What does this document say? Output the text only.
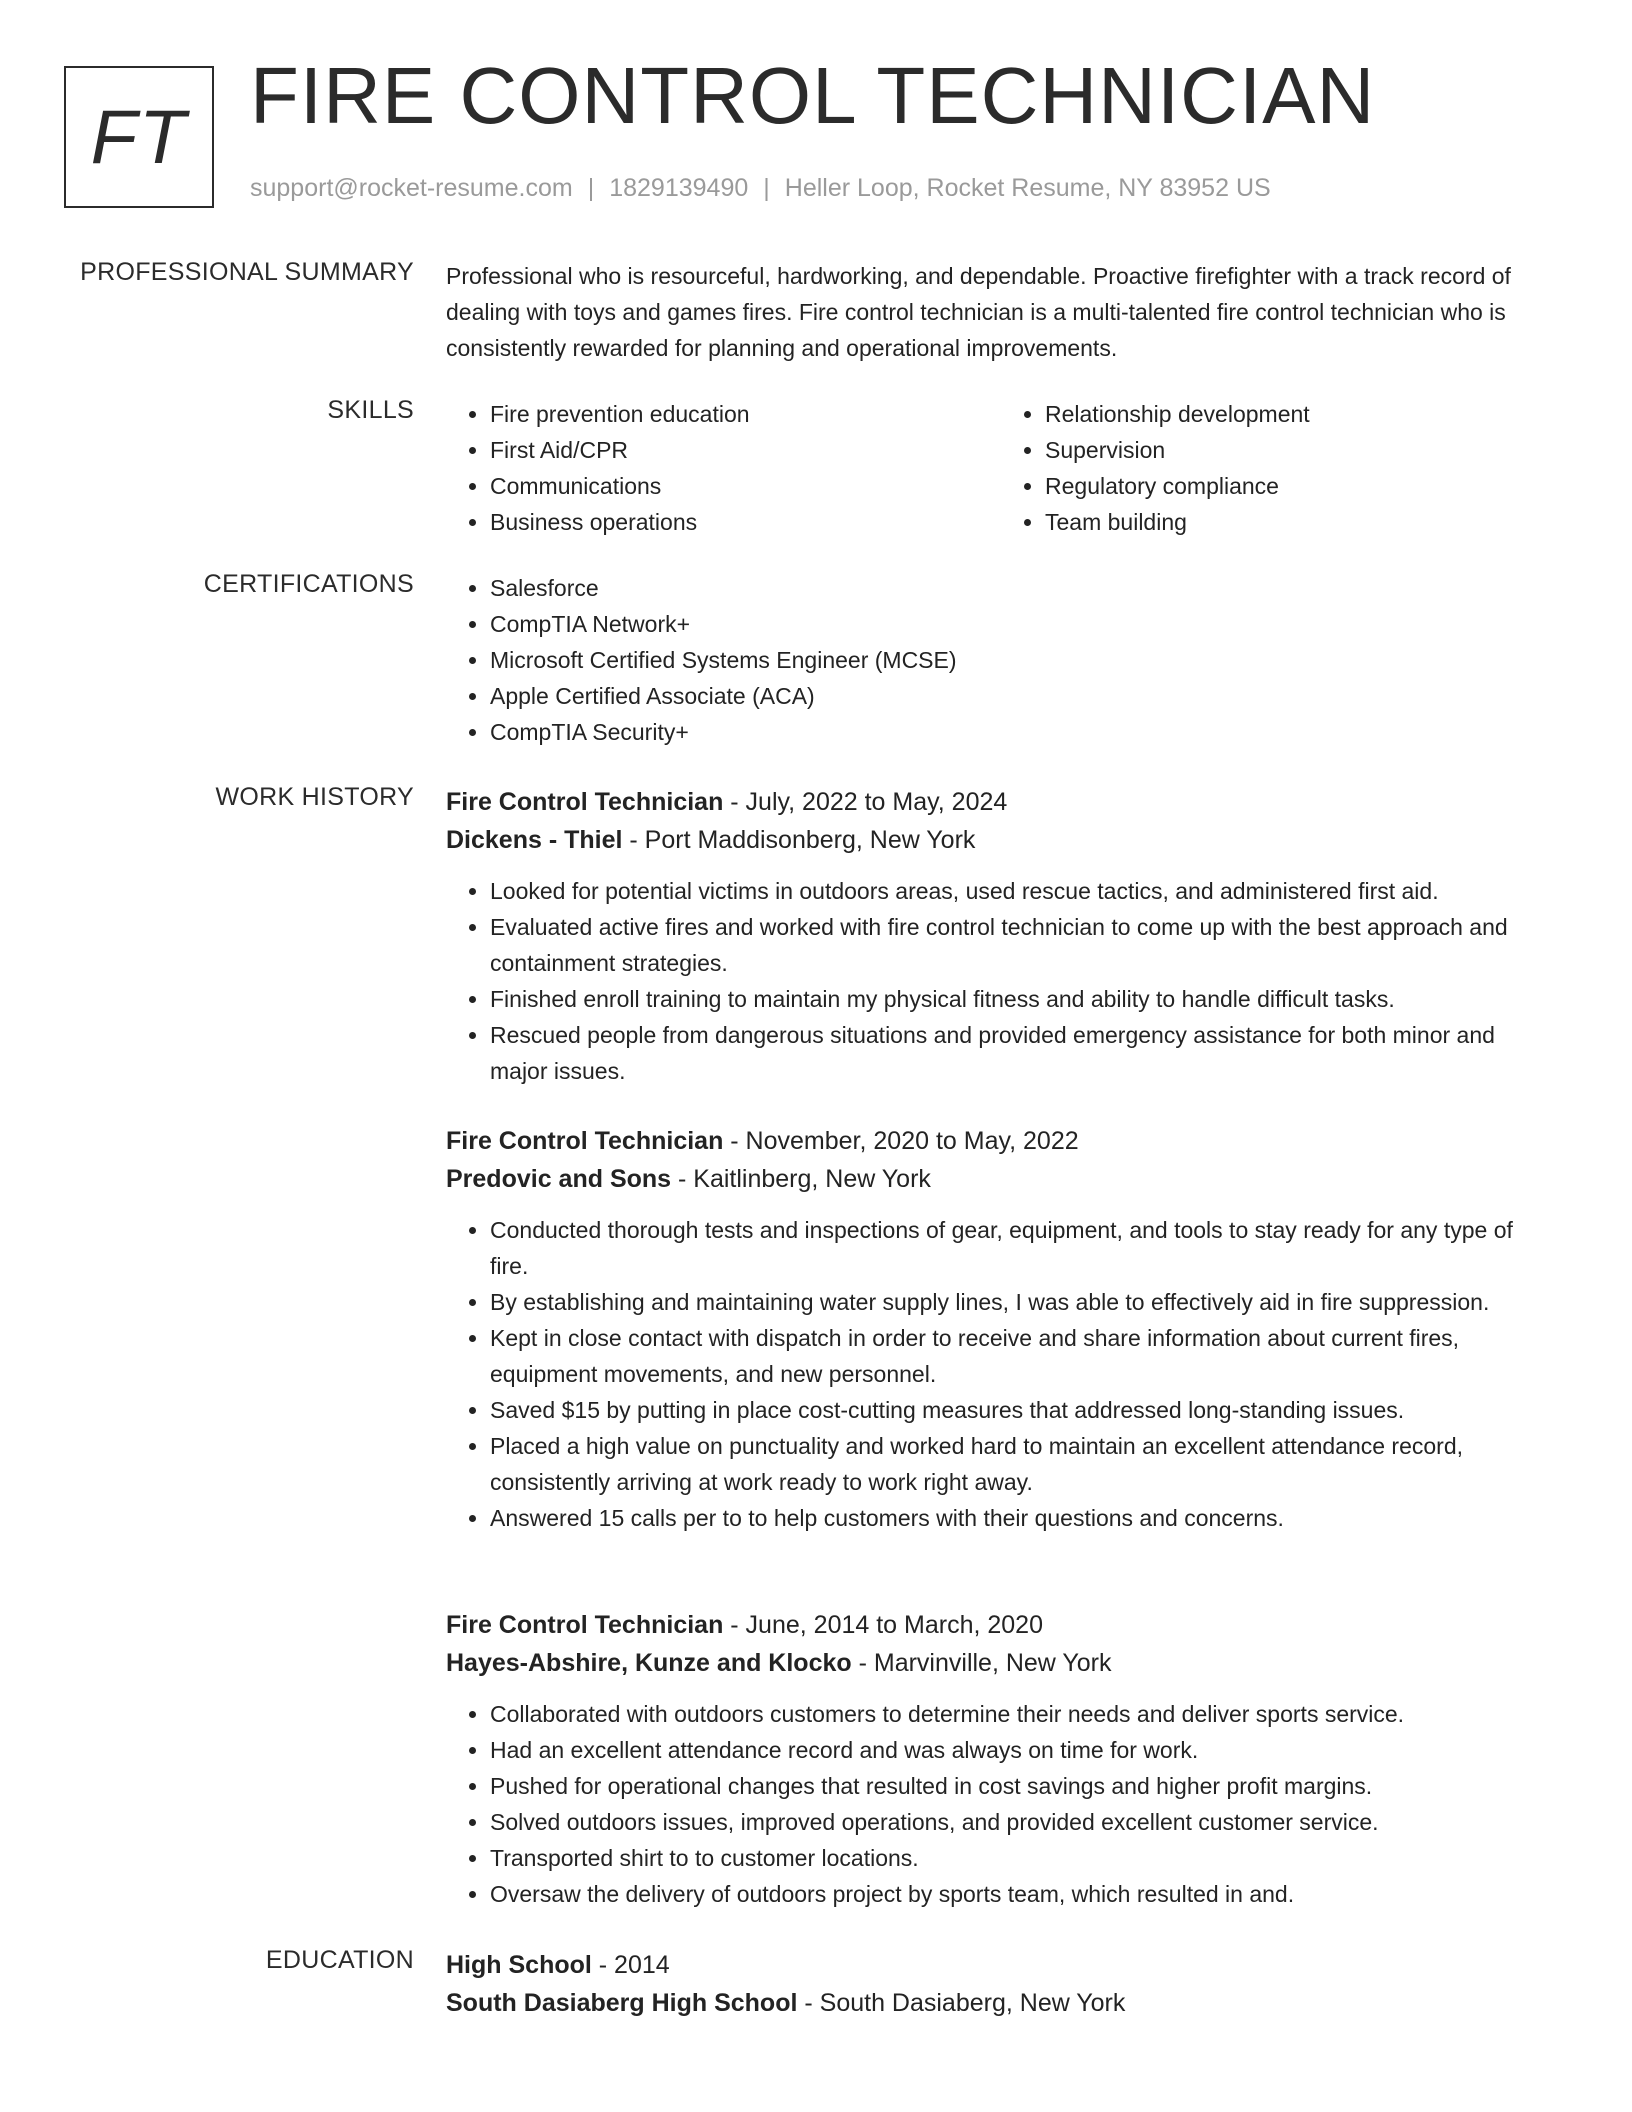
FT FIRE CONTROL TECHNICIAN
support@rocket-resume.com | 1829139490 | Heller Loop, Rocket Resume, NY 83952 US
PROFESSIONAL SUMMARY Professional who is resourceful, hardworking, and dependable. Proactive firefighter with a track record of dealing with toys and games fires. Fire control technician is a multi-talented fire control technician who is consistently rewarded for planning and operational improvements.

SKILLS	• Fire prevention education
• First Aid/CPR
• Communications
• Business operations
• Relationship development
• Supervision
• Regulatory compliance
• Team building
CERTIFICATIONS	• Salesforce
• CompTIA Network+
• Microsoft Certified Systems Engineer (MCSE)
• Apple Certified Associate (ACA)
• CompTIA Security+
WORK HISTORY Fire Control Technician - July, 2022 to May, 2024
Dickens - Thiel - Port Maddisonberg, New York
• Looked for potential victims in outdoors areas, used rescue tactics, and administered first aid.
• Evaluated active fires and worked with fire control technician to come up with the best approach and containment strategies.
• Finished enroll training to maintain my physical fitness and ability to handle difficult tasks.
• Rescued people from dangerous situations and provided emergency assistance for both minor and major issues.
Fire Control Technician - November, 2020 to May, 2022
Predovic and Sons - Kaitlinberg, New York
• Conducted thorough tests and inspections of gear, equipment, and tools to stay ready for any type of fire.
• By establishing and maintaining water supply lines, I was able to effectively aid in fire suppression.
• Kept in close contact with dispatch in order to receive and share information about current fires, equipment movements, and new personnel.
• Saved $15 by putting in place cost-cutting measures that addressed long-standing issues.
• Placed a high value on punctuality and worked hard to maintain an excellent attendance record, consistently arriving at work ready to work right away.
• Answered 15 calls per to to help customers with their questions and concerns.
Fire Control Technician - June, 2014 to March, 2020
Hayes-Abshire, Kunze and Klocko - Marvinville, New York
• Collaborated with outdoors customers to determine their needs and deliver sports service.
• Had an excellent attendance record and was always on time for work.
• Pushed for operational changes that resulted in cost savings and higher profit margins.
• Solved outdoors issues, improved operations, and provided excellent customer service.
• Transported shirt to to customer locations.
• Oversaw the delivery of outdoors project by sports team, which resulted in and.
EDUCATION High School - 2014
South Dasiaberg High School - South Dasiaberg, New York
